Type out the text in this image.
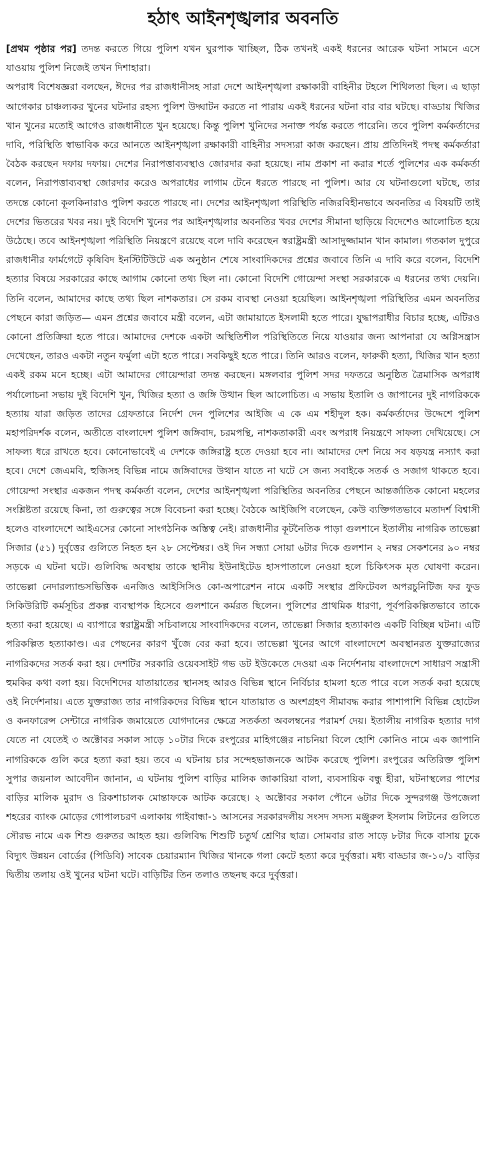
হঠাৎ আইনশৃঙ্খলার অবনতি

[প্রথম পৃষ্ঠার পর] তদন্ত করতে গিয়ে পুলিশ যখন ঘুরপাক খাচ্ছিল, ঠিক তখনই একই ধরনের আরেক ঘটনা সামনে এসে যাওয়ায় পুলিশ নিজেই তখন দিশাহারা।

অপরাধ বিশেষজ্ঞরা বলছেন, ঈদের পর রাজধানীসহ সারা দেশে আইনশৃঙ্খলা রক্ষাকারী বাহিনীর টহলে শিথিলতা ছিল। এ ছাড়া আগেকার চাঞ্চল্যকর খুনের ঘটনার রহস্য পুলিশ উদ্ঘাটন করতে না পারায় একই ধরনের ঘটনা বার বার ঘটছে। বাড্ডায় খিজির খান খুনের মতোই আগেও রাজধানীতে খুন হয়েছে। কিন্তু পুলিশ খুনিদের সনাক্ত পর্যন্ত করতে পারেনি। তবে পুলিশ কর্মকর্তাদের দাবি, পরিস্থিতি স্বাভাবিক করে আনতে আইনশৃঙ্খলা রক্ষাকারী বাহিনীর সদস্যরা কাজ করছেন। প্রায় প্রতিদিনই পদস্থ কর্মকর্তারা বৈঠক করছেন দফায় দফায়। দেশের নিরাপত্তাব্যবস্থাও জোরদার করা হয়েছে। নাম প্রকাশ না করার শর্তে পুলিশের এক কর্মকর্তা বলেন, নিরাপত্তাব্যবস্থা জোরদার করেও অপরাধের লাগাম টেনে ধরতে পারছে না পুলিশ। আর যে ঘটনাগুলো ঘটছে, তার তদন্তে কোনো কূলকিনারাও পুলিশ করতে পারছে না। দেশের আইনশৃঙ্খলা পরিস্থিতি নজিরবিহীনভাবে অবনতির এ বিষয়টি তাই দেশের ভিতরের খবর নয়। দুই বিদেশি খুনের পর আইনশৃঙ্খলার অবনতির খবর দেশের সীমানা ছাড়িয়ে বিদেশেও আলোচিত হয়ে উঠেছে। তবে আইনশৃঙ্খলা পরিস্থিতি নিয়ন্ত্রণে রয়েছে বলে দাবি করেছেন স্বরাষ্ট্রমন্ত্রী আসাদুজ্জামান খান কামাল। গতকাল দুপুরে রাজধানীর ফার্মগেটে কৃষিবিদ ইনস্টিটিউটে এক অনুষ্ঠান শেষে সাংবাদিকদের প্রশ্নের জবাবে তিনি এ দাবি করে বলেন, বিদেশি হত্যার বিষয়ে সরকারের কাছে আগাম কোনো তথ্য ছিল না। কোনো বিদেশি গোয়েন্দা সংস্থা সরকারকে এ ধরনের তথ্য দেয়নি। তিনি বলেন, আমাদের কাছে তথ্য ছিল নাশকতার। সে রকম ব্যবস্থা নেওয়া হয়েছিল। আইনশৃঙ্খলা পরিস্থিতির এমন অবনতির পেছনে কারা জড়িত— এমন প্রশ্নের জবাবে মন্ত্রী বলেন, এটা জামায়াতে ইসলামী হতে পারে। যুদ্ধাপরাধীর বিচার হচ্ছে, এটিরও কোনো প্রতিক্রিয়া হতে পারে। আমাদের দেশকে একটা অস্থিতিশীল পরিস্থিতিতে নিয়ে যাওয়ার জন্য আপনারা যে অগ্নিসন্ত্রাস দেখেছেন, তারও একটা নতুন ফর্মুলা এটা হতে পারে। সবকিছুই হতে পারে। তিনি আরও বলেন, ফারুকী হত্যা, খিজির খান হত্যা একই রকম মনে হচ্ছে। এটা আমাদের গোয়েন্দারা তদন্ত করছেন। মঙ্গলবার পুলিশ সদর দফতরে অনুষ্ঠিত ত্রৈমাসিক অপরাধ পর্যালোচনা সভায় দুই বিদেশি খুন, খিজির হত্যা ও জঙ্গি উত্থান ছিল আলোচিত। এ সভায় ইতালি ও জাপানের দুই নাগরিককে হত্যায় যারা জড়িত তাদের গ্রেফতারে নির্দেশ দেন পুলিশের আইজি এ কে এম শহীদুল হক। কর্মকর্তাদের উদ্দেশে পুলিশ মহাপরিদর্শক বলেন, অতীতে বাংলাদেশ পুলিশ জঙ্গিবাদ, চরমপন্থি, নাশকতাকারী এবং অপরাধ নিয়ন্ত্রণে সাফল্য দেখিয়েছে। সে সাফল্য ধরে রাখতে হবে। কোনোভাবেই এ দেশকে জঙ্গিরাষ্ট্র হতে দেওয়া হবে না। আমাদের দেশ নিয়ে সব ষড়যন্ত্র নস্যাৎ করা হবে। দেশে জেএমবি, হুজিসহ বিভিন্ন নামে জঙ্গিবাদের উত্থান যাতে না ঘটে সে জন্য সবাইকে সতর্ক ও সজাগ থাকতে হবে। গোয়েন্দা সংস্থার একজন পদস্থ কর্মকর্তা বলেন, দেশের আইনশৃঙ্খলা পরিস্থিতির অবনতির পেছনে আন্তর্জাতিক কোনো মহলের সংশ্লিষ্টতা রয়েছে কিনা, তা গুরুত্বের সঙ্গে বিবেচনা করা হচ্ছে। বৈঠকে আইজিপি বলেছেন, কেউ ব্যক্তিগতভাবে মতাদর্শ বিশ্বাসী হলেও বাংলাদেশে আইএসের কোনো সাংগঠনিক অস্তিত্ব নেই। রাজধানীর কূটনৈতিক পাড়া গুলশানে ইতালীয় নাগরিক তাভেল্লা সিজার (৫১) দুর্বৃত্তের গুলিতে নিহত হন ২৮ সেপ্টেম্বর। ওই দিন সন্ধ্যা সোয়া ৬টার দিকে গুলশান ২ নম্বর সেকশনের ৯০ নম্বর সড়কে এ ঘটনা ঘটে। গুলিবিদ্ধ অবস্থায় তাকে স্থানীয় ইউনাইটেড হাসপাতালে নেওয়া হলে চিকিৎসক মৃত ঘোষণা করেন। তাভেল্লা নেদারল্যান্ডসভিত্তিক এনজিও আইসিসিও কো-অপারেশন নামে একটি সংস্থার প্রফিটেবল অপরচুনিটিজ ফর ফুড সিকিউরিটি কর্মসূচির প্রকল্প ব্যবস্থাপক হিসেবে গুলশানে কর্মরত ছিলেন। পুলিশের প্রাথমিক ধারণা, পূর্বপরিকল্পিতভাবে তাকে হত্যা করা হয়েছে। এ ব্যাপারে স্বরাষ্ট্রমন্ত্রী সচিবালয়ে সাংবাদিকদের বলেন, তাভেল্লা সিজার হত্যাকাণ্ড একটি বিচ্ছিন্ন ঘটনা। এটি পরিকল্পিত হত্যাকাণ্ড। এর পেছনের কারণ খুঁজে বের করা হবে। তাভেল্লা খুনের আগে বাংলাদেশে অবস্থানরত যুক্তরাজ্যের নাগরিকদের সতর্ক করা হয়। দেশটির সরকারি ওয়েবসাইট গভ ডট ইউকেতে দেওয়া এক নির্দেশনায় বাংলাদেশে সাধারণ সন্ত্রাসী হুমকির কথা বলা হয়। বিদেশিদের যাতায়াতের স্থানসহ আরও বিভিন্ন স্থানে নির্বিচার হামলা হতে পারে বলে সতর্ক করা হয়েছে ওই নির্দেশনায়। এতে যুক্তরাজ্য তার নাগরিকদের বিভিন্ন স্থানে যাতায়াত ও অংশগ্রহণ সীমাবদ্ধ করার পাশাপাশি বিভিন্ন হোটেল ও কনফারেন্স সেন্টারে নাগরিক জমায়েতে যোগদানের ক্ষেত্রে সতর্কতা অবলম্বনের পরামর্শ দেয়। ইতালীয় নাগরিক হত্যার দাগ যেতে না যেতেই ৩ অক্টোবর সকাল সাড়ে ১০টার দিকে রংপুরের মাহিগঞ্জের নাচনিয়া বিলে হোশি কোনিও নামে এক জাপানি নাগরিককে গুলি করে হত্যা করা হয়। তবে এ ঘটনায় চার সন্দেহভাজনকে আটক করেছে পুলিশ। রংপুরের অতিরিক্ত পুলিশ সুপার জয়নাল আবেদীন জানান, এ ঘটনায় পুলিশ বাড়ির মালিক জাকারিয়া বালা, ব্যবসায়িক বন্ধু হীরা, ঘটনাস্থলের পাশের বাড়ির মালিক মুরাদ ও রিকশাচালক মোন্তাফকে আটক করেছে। ২ অক্টোবর সকাল পৌনে ৬টার দিকে সুন্দরগঞ্জ উপজেলা শহরের ব্যাংক মোড়ের গোপালচরণ এলাকায় গাইবান্ধা-১ আসনের সরকারদলীয় সংসদ সদস্য মঞ্জুরুল ইসলাম লিটনের গুলিতে সৌরভ নামে এক শিশু গুরুতর আহত হয়। গুলিবিদ্ধ শিশুটি চতুর্থ শ্রেণির ছাত্র। সোমবার রাত সাড়ে ৮টার দিকে বাসায় ঢুকে বিদ্যুৎ উন্নয়ন বোর্ডের (পিডিবি) সাবেক চেয়ারম্যান খিজির খানকে গলা কেটে হত্যা করে দুর্বৃত্তরা। মধ্য বাড্ডার জ-১০/১ বাড়ির দ্বিতীয় তলায় ওই খুনের ঘটনা ঘটে। বাড়িটির তিন তলাও তছনছ করে দুর্বৃত্তরা।
